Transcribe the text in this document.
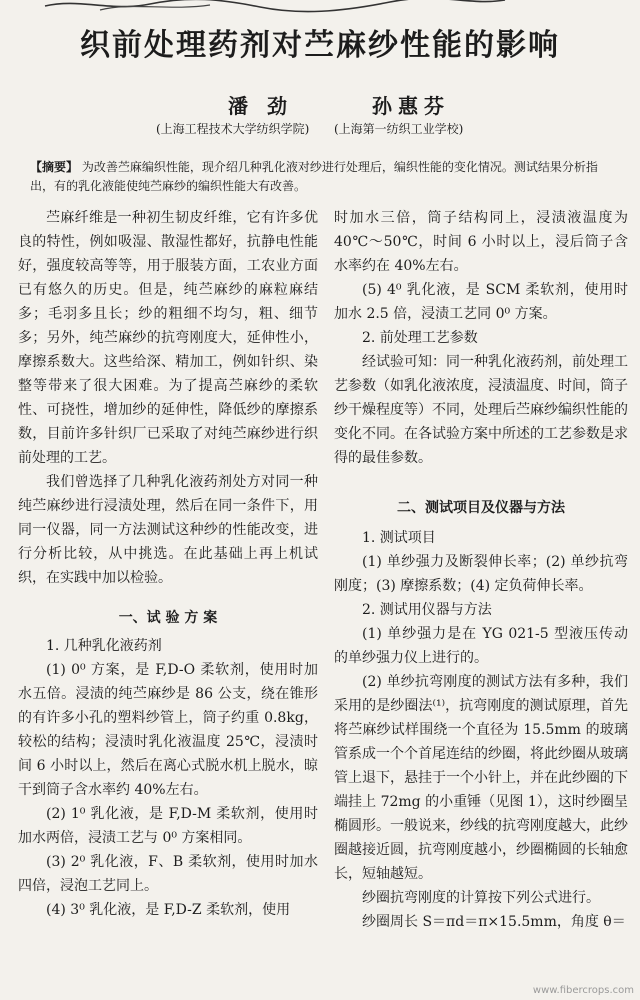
织前处理药剂对苎麻纱性能的影响
潘 劲	孙惠芬
(上海工程技术大学纺织学院) (上海第一纺织工业学校)

【摘要】 为改善苎麻编织性能，现介绍几种乳化液对纱进行处理后，编织性能的变化情况。测试结果分析指出，有的乳化液能使纯苎麻纱的编织性能大有改善。

苎麻纤维是一种初生韧皮纤维，它有许多优良的特性，例如吸湿、散湿性都好，抗静电性能好，强度较高等等，用于服装方面，工农业方面已有悠久的历史。但是，纯苎麻纱的麻粒麻结多；毛羽多且长；纱的粗细不均匀，粗、细节多；另外，纯苎麻纱的抗弯刚度大，延伸性小，摩擦系数大。这些给深、精加工，例如针织、染整等带来了很大困难。为了提高苎麻纱的柔软性、可挠性，增加纱的延伸性，降低纱的摩擦系数，目前许多针织厂已采取了对纯苎麻纱进行织前处理的工艺。

我们曾选择了几种乳化液药剂处方对同一种纯苎麻纱进行浸渍处理，然后在同一条件下，用同一仪器，同一方法测试这种纱的性能改变，进行分析比较，从中挑选。在此基础上再上机试织，在实践中加以检验。

一、试 验 方 案

1. 几种乳化液药剂

(1) 0⁰ 方案，是 F,D-O 柔软剂，使用时加水五倍。浸渍的纯苎麻纱是 86 公支，绕在锥形的有许多小孔的塑料纱管上，筒子约重 0.8kg，较松的结构；浸渍时乳化液温度 25℃，浸渍时间 6 小时以上，然后在离心式脱水机上脱水，晾干到筒子含水率约 40%左右。

(2) 1⁰ 乳化液，是 F,D-M 柔软剂，使用时加水两倍，浸渍工艺与 0⁰ 方案相同。

(3) 2⁰ 乳化液，F、B 柔软剂，使用时加水四倍，浸泡工艺同上。

(4) 3⁰ 乳化液，是 F,D-Z 柔软剂，使用

时加水三倍，筒子结构同上，浸渍液温度为 40℃～50℃，时间 6 小时以上，浸后筒子含水率约在 40%左右。

(5) 4⁰ 乳化液，是 SCM 柔软剂，使用时加水 2.5 倍，浸渍工艺同 0⁰ 方案。

2. 前处理工艺参数

经试验可知：同一种乳化液药剂，前处理工艺参数（如乳化液浓度，浸渍温度、时间，筒子纱干燥程度等）不同，处理后苎麻纱编织性能的变化不同。在各试验方案中所述的工艺参数是求得的最佳参数。

二、测试项目及仪器与方法

1. 测试项目

(1) 单纱强力及断裂伸长率；(2) 单纱抗弯刚度；(3) 摩擦系数；(4) 定负荷伸长率。

2. 测试用仪器与方法

(1) 单纱强力是在 YG 021-5 型液压传动的单纱强力仪上进行的。

(2) 单纱抗弯刚度的测试方法有多种，我们采用的是纱圈法⁽¹⁾，抗弯刚度的测试原理，首先将苎麻纱试样围绕一个直径为 15.5mm 的玻璃管系成一个个首尾连结的纱圈，将此纱圈从玻璃管上退下，悬挂于一个小针上，并在此纱圈的下端挂上 72mg 的小重锤（见图 1），这时纱圈呈椭圆形。一般说来，纱线的抗弯刚度越大，此纱圈越接近圆，抗弯刚度越小，纱圈椭圆的长轴愈长，短轴越短。

纱圈抗弯刚度的计算按下列公式进行。

纱圈周长 S＝πd＝π×15.5mm，角度 θ＝

www.fibercrops.com
